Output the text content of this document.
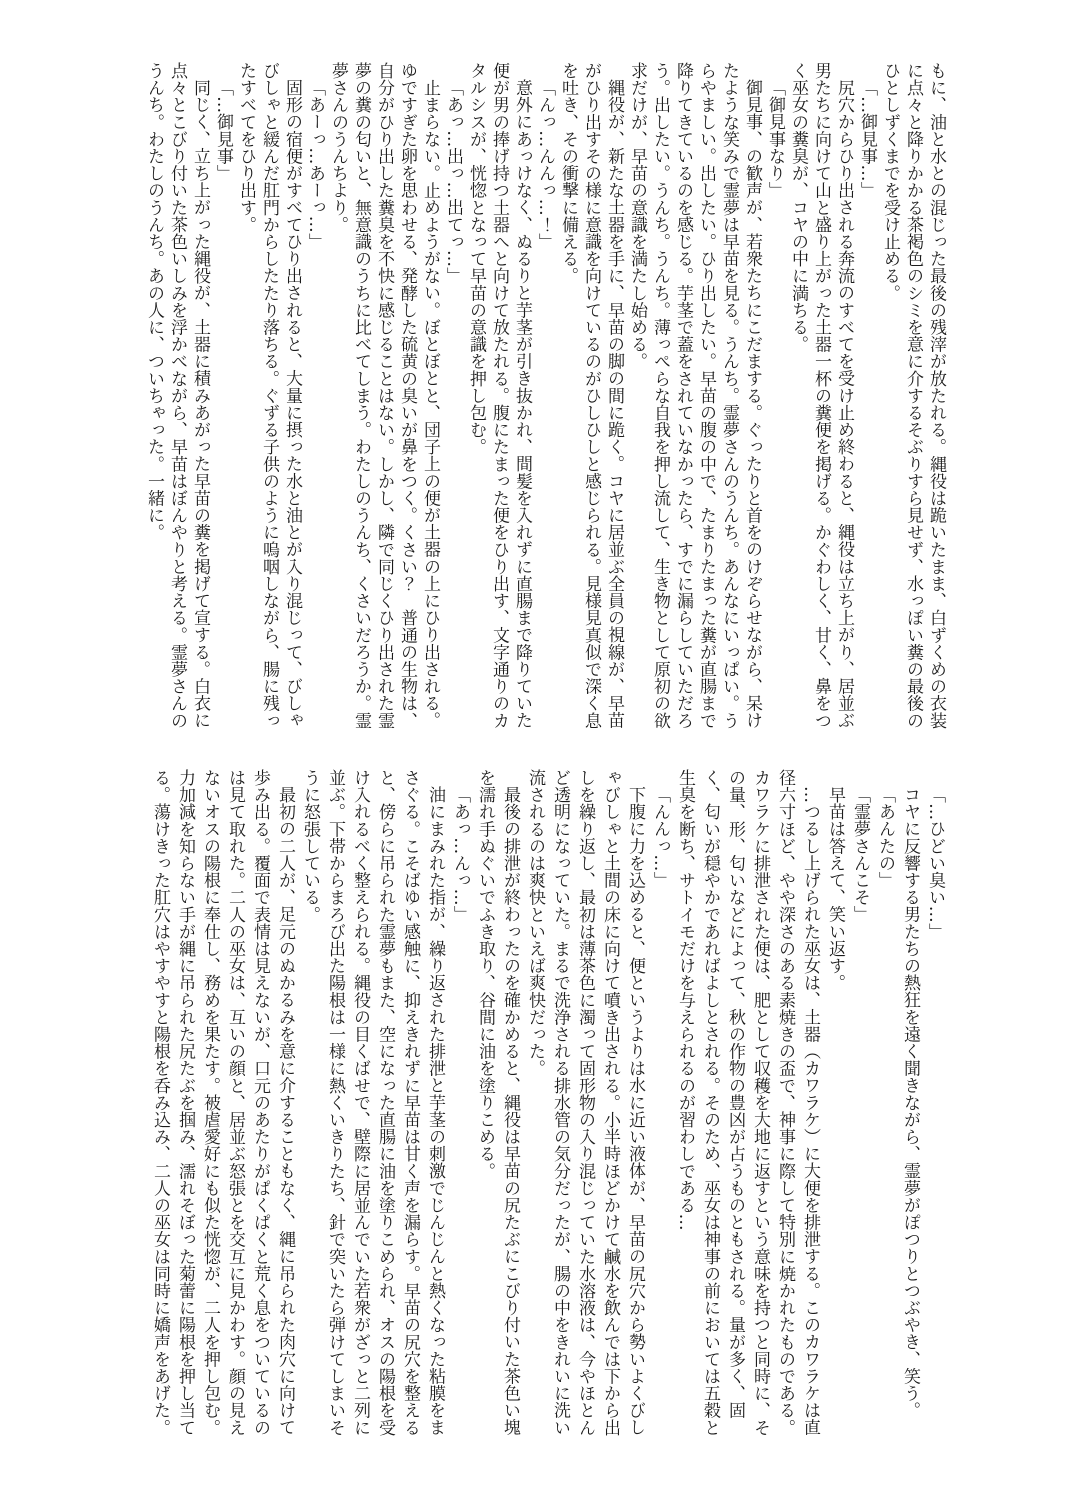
もに、油と水との混じった最後の残滓が放たれる。縄役は跪いたまま、白ずくめの衣装に点々と降りかかる茶褐色のシミを意に介するそぶりすら見せず、水っぽい糞の最後のひとしずくまでを受け止める。

「…御見事…」

尻穴からひり出される奔流のすべてを受け止め終わると、縄役は立ち上がり、居並ぶ男たちに向けて山と盛り上がった土器一杯の糞便を掲げる。かぐわしく、甘く、鼻をつく巫女の糞臭が、コヤの中に満ちる。

「御見事なり」

御見事、の歓声が、若衆たちにこだまする。ぐったりと首をのけぞらせながら、呆けたような笑みで霊夢は早苗を見る。うんち。霊夢さんのうんち。あんなにいっぱい。うらやましい。出したい。ひり出したい。早苗の腹の中で、たまりたまった糞が直腸まで降りてきているのを感じる。芋茎で蓋をされていなかったら、すでに漏らしていただろう。出したい。うんち。うんち。薄っぺらな自我を押し流して、生き物として原初の欲求だけが、早苗の意識を満たし始める。

縄役が、新たな土器を手に、早苗の脚の間に跪く。コヤに居並ぶ全員の視線が、早苗がひり出すその様に意識を向けているのがひしひしと感じられる。見様見真似で深く息を吐き、その衝撃に備える。

「んっ…んんっ…！」

意外にあっけなく、ぬるりと芋茎が引き抜かれ、間髪を入れずに直腸まで降りていた便が男の捧げ持つ土器へと向けて放たれる。腹にたまった便をひり出す、文字通りのカタルシスが、恍惚となって早苗の意識を押し包む。

「あっ…出っ…出てっ…」

止まらない。止めようがない。ぼとぼとと、団子上の便が土器の上にひり出される。ゆですぎた卵を思わせる、発酵した硫黄の臭いが鼻をつく。くさい？　普通の生物は、自分がひり出した糞臭を不快に感じることはない。しかし、隣で同じくひり出された霊夢の糞の匂いと、無意識のうちに比べてしまう。わたしのうんち、くさいだろうか。霊夢さんのうんちより。

「あーっ…あーっ…」

固形の宿便がすべてひり出されると、大量に摂った水と油とが入り混じって、びしゃびしゃと緩んだ肛門からしたたり落ちる。ぐずる子供のように嗚咽しながら、腸に残ったすべてをひり出す。

「…御見事」

同じく、立ち上がった縄役が、土器に積みあがった早苗の糞を掲げて宣する。白衣に点々とこびり付いた茶色いしみを浮かべながら、早苗はぼんやりと考える。霊夢さんのうんち。わたしのうんち。あの人に、ついちゃった。一緒に。

「…ひどい臭い…」

コヤに反響する男たちの熱狂を遠く聞きながら、霊夢がぽつりとつぶやき、笑う。

「あんたの」

「霊夢さんこそ」

早苗は答えて、笑い返す。

…つるし上げられた巫女は、土器（カワラケ）に大便を排泄する。このカワラケは直径六寸ほど、やや深さのある素焼きの盃で、神事に際して特別に焼かれたものである。カワラケに排泄された便は、肥として収穫を大地に返すという意味を持つと同時に、その量、形、匂いなどによって、秋の作物の豊凶が占うものともされる。量が多く、固く、匂いが穏やかであればよしとされる。そのため、巫女は神事の前においては五穀と生臭を断ち、サトイモだけを与えられるのが習わしである…

「んんっ…」

下腹に力を込めると、便というよりは水に近い液体が、早苗の尻穴から勢いよくびしゃびしゃと土間の床に向けて噴き出される。小半時ほどかけて鹹水を飲んでは下から出しを繰り返し、最初は薄茶色に濁って固形物の入り混じっていた水溶液は、今やほとんど透明になっていた。まるで洗浄される排水管の気分だったが、腸の中をきれいに洗い流されるのは爽快といえば爽快だった。

最後の排泄が終わったのを確かめると、縄役は早苗の尻たぶにこびり付いた茶色い塊を濡れ手ぬぐいでふき取り、谷間に油を塗りこめる。

「あっ…んっ…」

油にまみれた指が、繰り返された排泄と芋茎の刺激でじんじんと熱くなった粘膜をまさぐる。こそばゆい感触に、抑えきれずに早苗は甘く声を漏らす。早苗の尻穴を整えると、傍らに吊られた霊夢もまた、空になった直腸に油を塗りこめられ、オスの陽根を受け入れるべく整えられる。縄役の目くばせで、壁際に居並んでいた若衆がざっと二列に並ぶ。下帯からまろび出た陽根は一様に熱くいきりたち、針で突いたら弾けてしまいそうに怒張している。

最初の二人が、足元のぬかるみを意に介することもなく、縄に吊られた肉穴に向けて歩み出る。覆面で表情は見えないが、口元のあたりがぱくぱくと荒く息をついているのは見て取れた。二人の巫女は、互いの顔と、居並ぶ怒張とを交互に見かわす。顔の見えないオスの陽根に奉仕し、務めを果たす。被虐愛好にも似た恍惚が、二人を押し包む。力加減を知らない手が縄に吊られた尻たぶを掴み、濡れそぼった菊蕾に陽根を押し当てる。蕩けきった肛穴はやすやすと陽根を呑み込み、二人の巫女は同時に嬌声をあげた。
